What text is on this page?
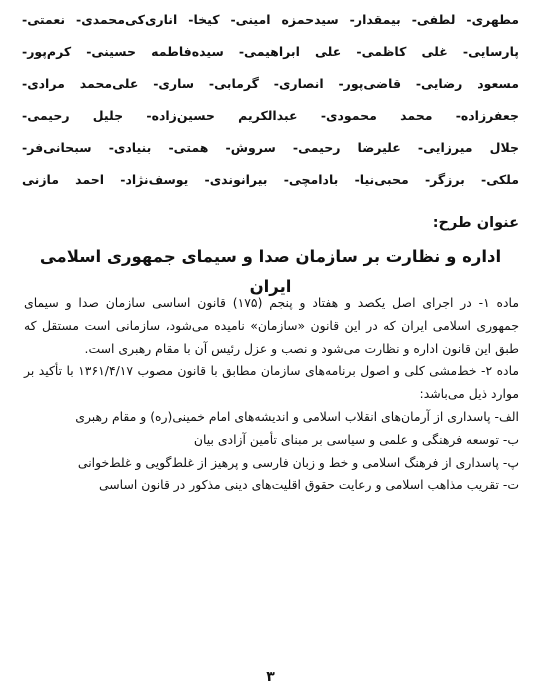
مطهری- لطفی- بیمقدار- سیدحمزه امینی- کیخا- اناری‌کی‌محمدی- نعمتی-
پارسایی- غلی کاظمی- علی ابراهیمی- سیده‌فاطمه حسینی- کرم‌پور-
مسعود رضایی- قاضی‌پور- انصاری- گرمابی- ساری- علی‌محمد مرادی-
جعفرزاده- محمد محمودی- عبدالکریم حسین‌زاده- جلیل رحیمی-
جلال میرزایی- علیرضا رحیمی- سروش- همتی- بنیادی- سبحانی‌فر-
ملکی- برزگر- محبی‌نیا- بادامچی- بیرانوندی- یوسف‌نژاد- احمد مازنی
عنوان طرح:
اداره و نظارت بر سازمان صدا و سیمای جمهوری اسلامی ایران

ماده ۱- در اجرای اصل یکصد و هفتاد و پنجم (۱۷۵) قانون اساسی سازمان صدا و سیمای جمهوری اسلامی ایران که در این قانون «سازمان» نامیده می‌شود، سازمانی است مستقل که طبق این قانون اداره و نظارت می‌شود و نصب و عزل رئیس آن با مقام رهبری است.

ماده ۲- خط‌مشی کلی و اصول برنامه‌های سازمان مطابق با قانون مصوب ۱۳۶۱/۴/۱۷ با تأکید بر موارد ذیل می‌باشد:

الف- پاسداری از آرمان‌های انقلاب اسلامی و اندیشه‌های امام خمینی(ره) و مقام رهبری

ب- توسعه فرهنگی و علمی و سیاسی بر مبنای تأمین آزادی بیان

پ- پاسداری از فرهنگ اسلامی و خط و زبان فارسی و پرهیز از غلط‌گویی و غلط‌خوانی

ت- تقریب مذاهب اسلامی و رعایت حقوق اقلیت‌های دینی مذکور در قانون اساسی

۳
